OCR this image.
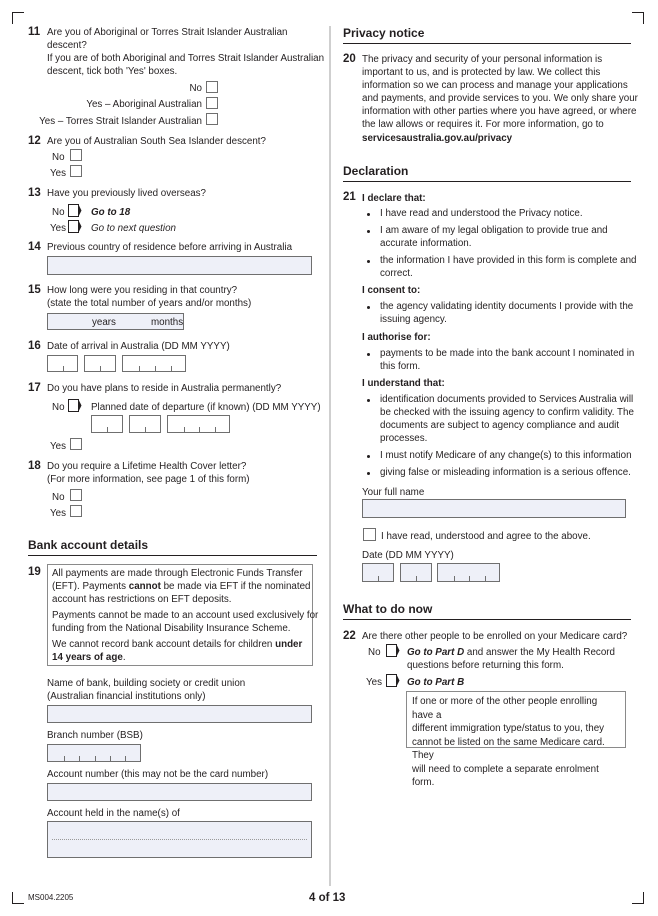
11 Are you of Aboriginal or Torres Strait Islander Australian
descent?
If you are of both Aboriginal and Torres Strait Islander Australian
descent, tick both 'Yes' boxes.
No
Yes – Aboriginal Australian
Yes – Torres Strait Islander Australian
12 Are you of Australian South Sea Islander descent?
No
Yes
13 Have you previously lived overseas?
No	Go to 18
Yes	Go to next question
14 Previous country of residence before arriving in Australia
15 How long were you residing in that country?
(state the total number of years and/or months)
years	months
16 Date of arrival in Australia (DD MM YYYY)
17 Do you have plans to reside in Australia permanently?
No	Planned date of departure (if known) (DD MM YYYY)
Yes
18 Do you require a Lifetime Health Cover letter?
(For more information, see page 1 of this form)
No
Yes
Bank account details
19 All payments are made through Electronic Funds Transfer
(EFT). Payments cannot be made via EFT if the nominated
account has restrictions on EFT deposits.
Payments cannot be made to an account used exclusively for
funding from the National Disability Insurance Scheme.
We cannot record bank account details for children under
14 years of age.
Name of bank, building society or credit union
(Australian financial institutions only)
Branch number (BSB)
Account number (this may not be the card number)
Account held in the name(s) of
Privacy notice
20 The privacy and security of your personal information is
important to us, and is protected by law. We collect this
information so we can process and manage your applications
and payments, and provide services to you. We only share your
information with other parties where you have agreed, or where
the law allows or requires it. For more information, go to
servicesaustralia.gov.au/privacy
Declaration
21 I declare that:
I have read and understood the Privacy notice.
I am aware of my legal obligation to provide true and
accurate information.
the information I have provided in this form is complete and
correct.
I consent to:
the agency validating identity documents I provide with the
issuing agency.
I authorise for:
payments to be made into the bank account I nominated in
this form.
I understand that:
identification documents provided to Services Australia will
be checked with the issuing agency to confirm validity. The
documents are subject to agency compliance and audit
processes.
I must notify Medicare of any change(s) to this information
giving false or misleading information is a serious offence.
Your full name
I have read, understood and agree to the above.
Date (DD MM YYYY)
What to do now
22 Are there other people to be enrolled on your Medicare card?
No	Go to Part D and answer the My Health Record
questions before returning this form.
Yes	Go to Part B
If one or more of the other people enrolling have a
different immigration type/status to you, they
cannot be listed on the same Medicare card. They
will need to complete a separate enrolment form.
MS004.2205	4 of 13
